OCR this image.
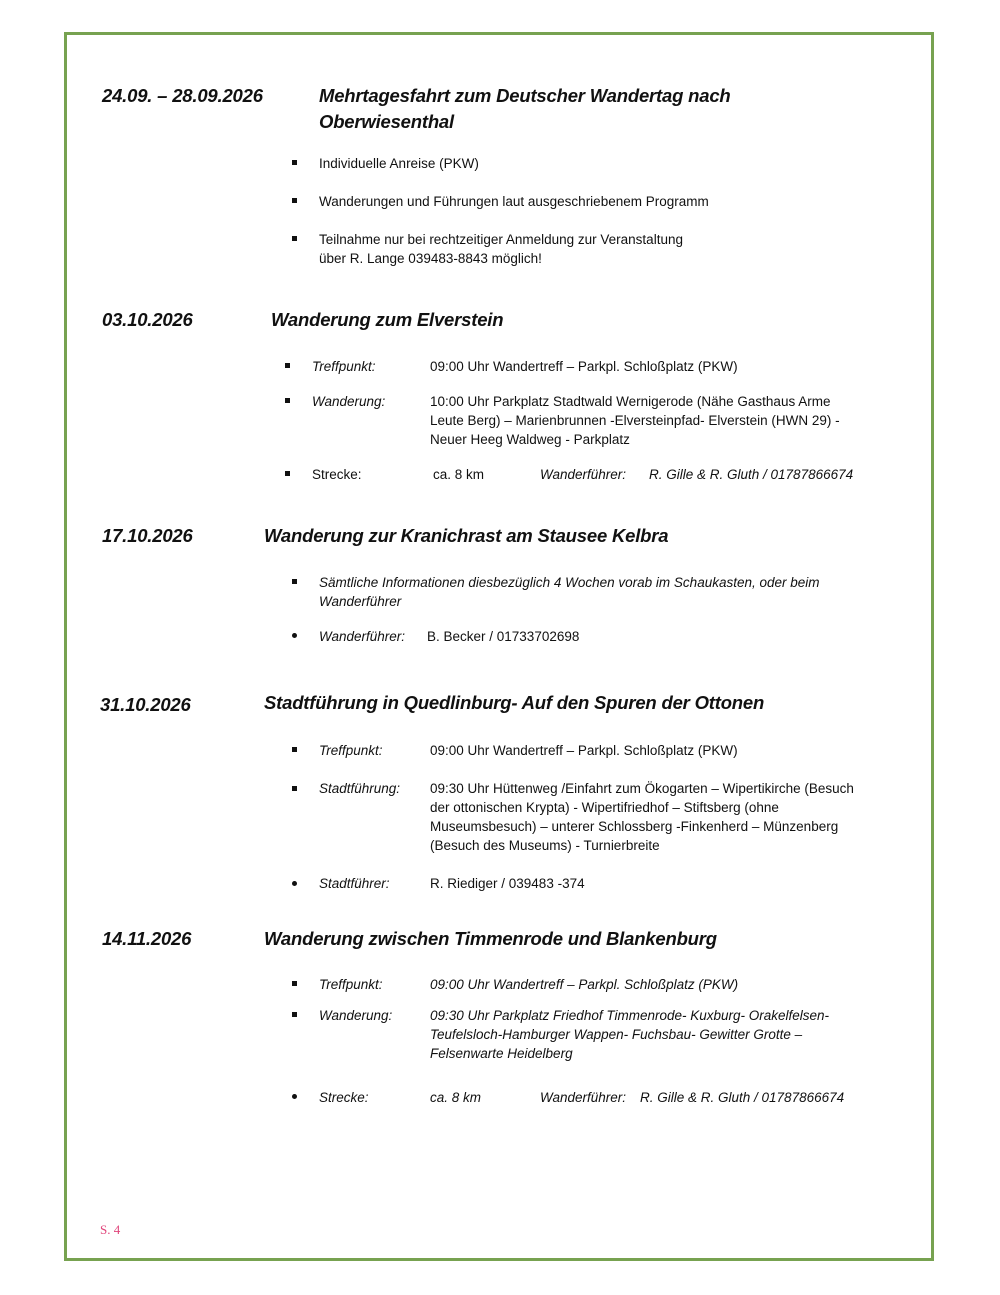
24.09. – 28.09.2026	Mehrtagesfahrt zum Deutscher Wandertag nach
Oberwiesenthal
Individuelle Anreise (PKW)
Wanderungen und Führungen laut ausgeschriebenem Programm
Teilnahme nur bei rechtzeitiger Anmeldung zur Veranstaltung
über R. Lange 039483-8843 möglich!
03.10.2026	Wanderung zum Elverstein
Treffpunkt:	09:00 Uhr Wandertreff – Parkpl. Schloßplatz (PKW)
Wanderung:	10:00 Uhr Parkplatz Stadtwald Wernigerode (Nähe Gasthaus Arme
Leute Berg) – Marienbrunnen -Elversteinpfad- Elverstein (HWN 29) -
Neuer Heeg Waldweg - Parkplatz
Strecke:	ca. 8 km	Wanderführer: R. Gille & R. Gluth / 01787866674
17.10.2026	Wanderung zur Kranichrast am Stausee Kelbra
Sämtliche Informationen diesbezüglich 4 Wochen vorab im Schaukasten, oder beim
Wanderführer
Wanderführer: B. Becker / 01733702698
31.10.2026	Stadtführung in Quedlinburg- Auf den Spuren der Ottonen
Treffpunkt:	09:00 Uhr Wandertreff – Parkpl. Schloßplatz (PKW)
Stadtführung: 09:30 Uhr Hüttenweg /Einfahrt zum Ökogarten – Wipertikirche (Besuch
der ottonischen Krypta) - Wipertifriedhof – Stiftsberg (ohne
Museumsbesuch) – unterer Schlossberg -Finkenherd – Münzenberg
(Besuch des Museums) - Turnierbreite
Stadtführer:	R. Riediger / 039483 -374
14.11.2026	Wanderung zwischen Timmenrode und Blankenburg
Treffpunkt:	09:00 Uhr Wandertreff – Parkpl. Schloßplatz (PKW)
Wanderung:	09:30 Uhr Parkplatz Friedhof Timmenrode- Kuxburg- Orakelfelsen-
Teufelsloch-Hamburger Wappen- Fuchsbau- Gewitter Grotte –
Felsenwarte Heidelberg
Strecke:	ca. 8 km	Wanderführer: R. Gille & R. Gluth / 01787866674
S. 4
